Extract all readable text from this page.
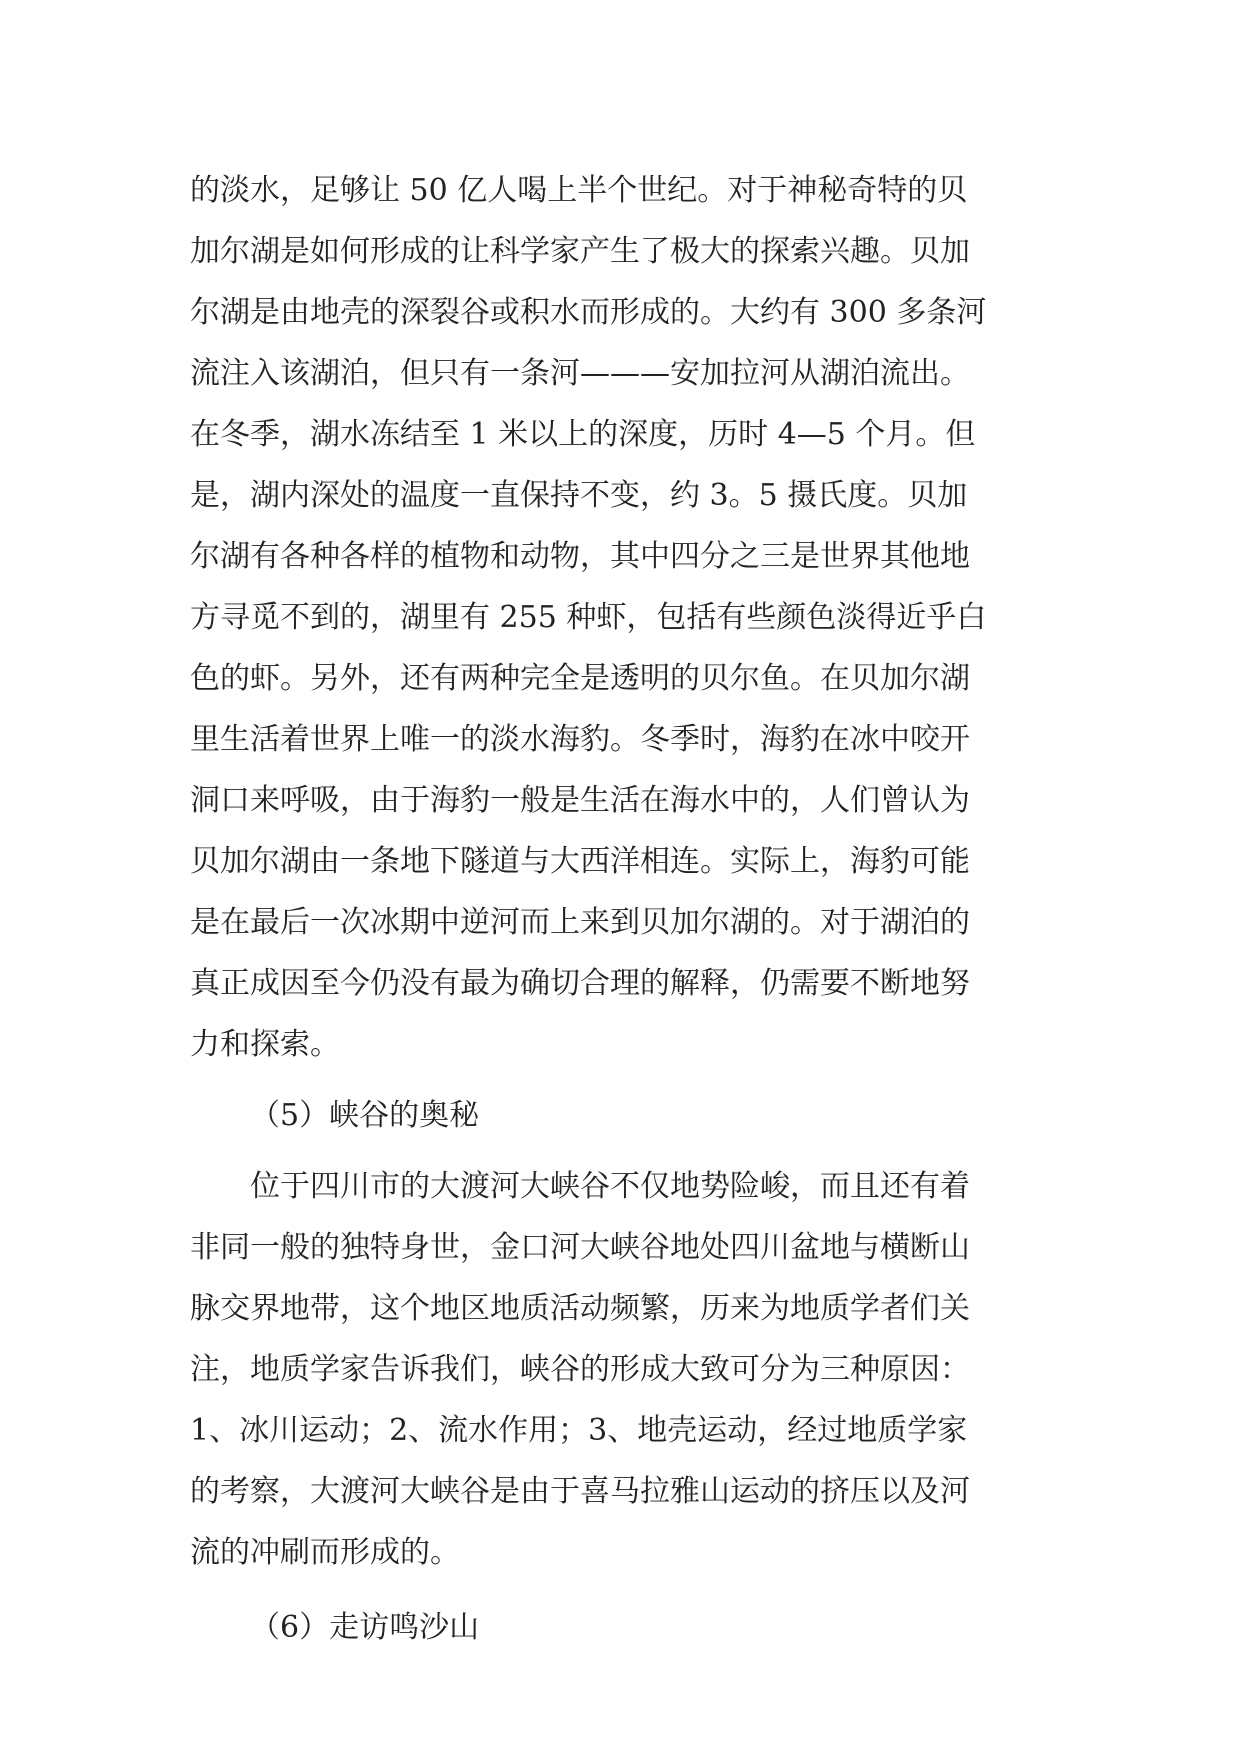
的淡水，足够让 50 亿人喝上半个世纪。对于神秘奇特的贝
加尔湖是如何形成的让科学家产生了极大的探索兴趣。贝加
尔湖是由地壳的深裂谷或积水而形成的。大约有 300 多条河
流注入该湖泊，但只有一条河———安加拉河从湖泊流出。
在冬季，湖水冻结至 1 米以上的深度，历时 4—5 个月。但
是，湖内深处的温度一直保持不变，约 3。5 摄氏度。贝加
尔湖有各种各样的植物和动物，其中四分之三是世界其他地
方寻觅不到的，湖里有 255 种虾，包括有些颜色淡得近乎白
色的虾。另外，还有两种完全是透明的贝尔鱼。在贝加尔湖
里生活着世界上唯一的淡水海豹。冬季时，海豹在冰中咬开
洞口来呼吸，由于海豹一般是生活在海水中的，人们曾认为
贝加尔湖由一条地下隧道与大西洋相连。实际上，海豹可能
是在最后一次冰期中逆河而上来到贝加尔湖的。对于湖泊的
真正成因至今仍没有最为确切合理的解释，仍需要不断地努
力和探索。
（5）峡谷的奥秘
位于四川市的大渡河大峡谷不仅地势险峻，而且还有着
非同一般的独特身世，金口河大峡谷地处四川盆地与横断山
脉交界地带，这个地区地质活动频繁，历来为地质学者们关
注，地质学家告诉我们，峡谷的形成大致可分为三种原因：
1、冰川运动；2、流水作用；3、地壳运动，经过地质学家
的考察，大渡河大峡谷是由于喜马拉雅山运动的挤压以及河
流的冲刷而形成的。
（6）走访鸣沙山
